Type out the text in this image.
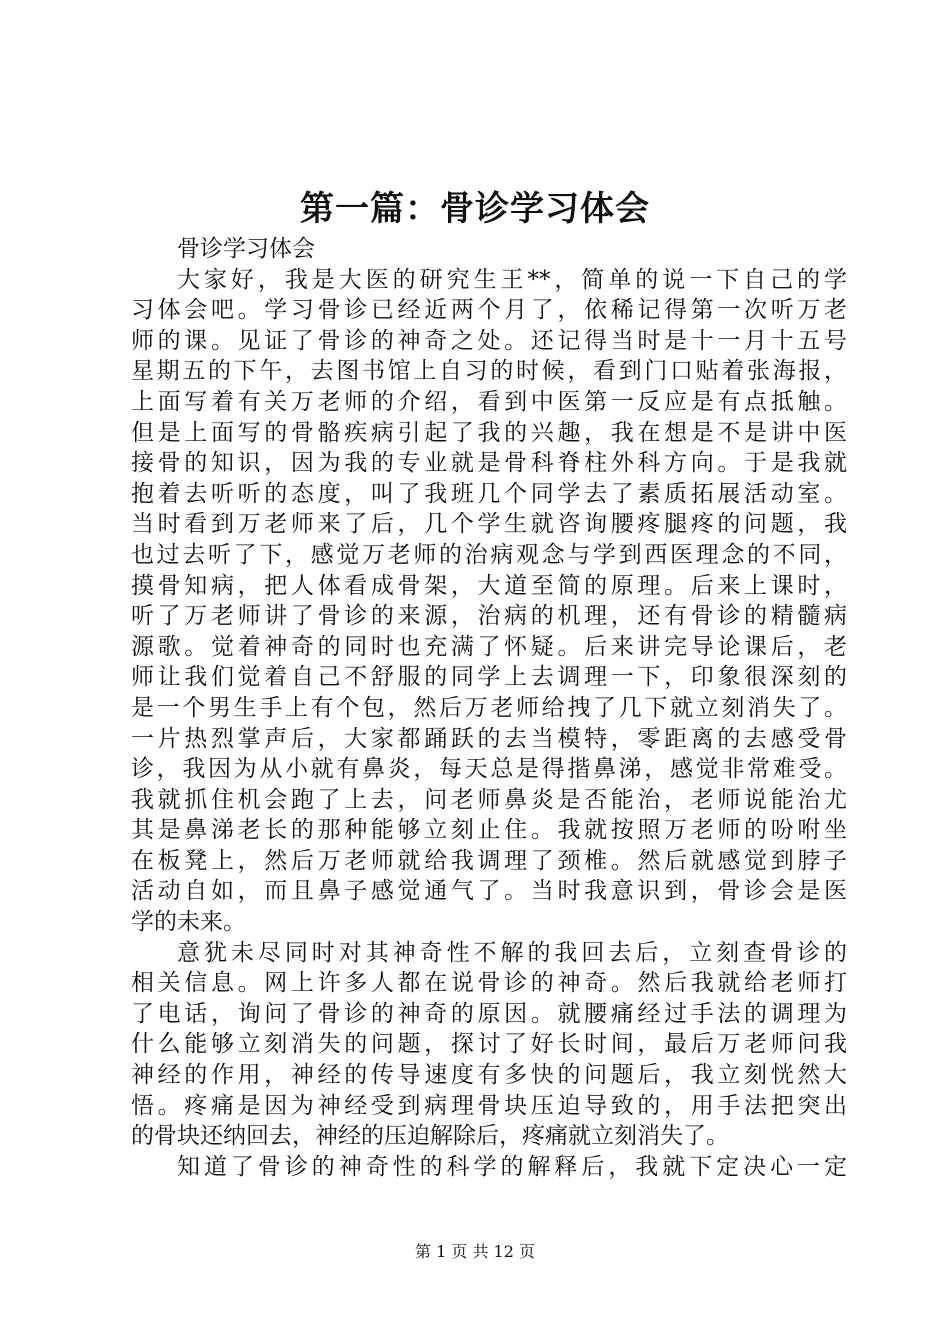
第一篇：骨诊学习体会
骨诊学习体会
大家好，我是大医的研究生王**，简单的说一下自己的学
习体会吧。学习骨诊已经近两个月了，依稀记得第一次听万老
师的课。见证了骨诊的神奇之处。还记得当时是十一月十五号
星期五的下午，去图书馆上自习的时候，看到门口贴着张海报，
上面写着有关万老师的介绍，看到中医第一反应是有点抵触。
但是上面写的骨骼疾病引起了我的兴趣，我在想是不是讲中医
接骨的知识，因为我的专业就是骨科脊柱外科方向。于是我就
抱着去听听的态度，叫了我班几个同学去了素质拓展活动室。
当时看到万老师来了后，几个学生就咨询腰疼腿疼的问题，我
也过去听了下，感觉万老师的治病观念与学到西医理念的不同，
摸骨知病，把人体看成骨架，大道至简的原理。后来上课时，
听了万老师讲了骨诊的来源，治病的机理，还有骨诊的精髓病
源歌。觉着神奇的同时也充满了怀疑。后来讲完导论课后，老
师让我们觉着自己不舒服的同学上去调理一下，印象很深刻的
是一个男生手上有个包，然后万老师给拽了几下就立刻消失了。
一片热烈掌声后，大家都踊跃的去当模特，零距离的去感受骨
诊，我因为从小就有鼻炎，每天总是得揩鼻涕，感觉非常难受。
我就抓住机会跑了上去，问老师鼻炎是否能治，老师说能治尤
其是鼻涕老长的那种能够立刻止住。我就按照万老师的吩咐坐
在板凳上，然后万老师就给我调理了颈椎。然后就感觉到脖子
活动自如，而且鼻子感觉通气了。当时我意识到，骨诊会是医
学的未来。
意犹未尽同时对其神奇性不解的我回去后，立刻查骨诊的
相关信息。网上许多人都在说骨诊的神奇。然后我就给老师打
了电话，询问了骨诊的神奇的原因。就腰痛经过手法的调理为
什么能够立刻消失的问题，探讨了好长时间，最后万老师问我
神经的作用，神经的传导速度有多快的问题后，我立刻恍然大
悟。疼痛是因为神经受到病理骨块压迫导致的，用手法把突出
的骨块还纳回去，神经的压迫解除后，疼痛就立刻消失了。
知道了骨诊的神奇性的科学的解释后，我就下定决心一定
第 1 页 共 12 页
